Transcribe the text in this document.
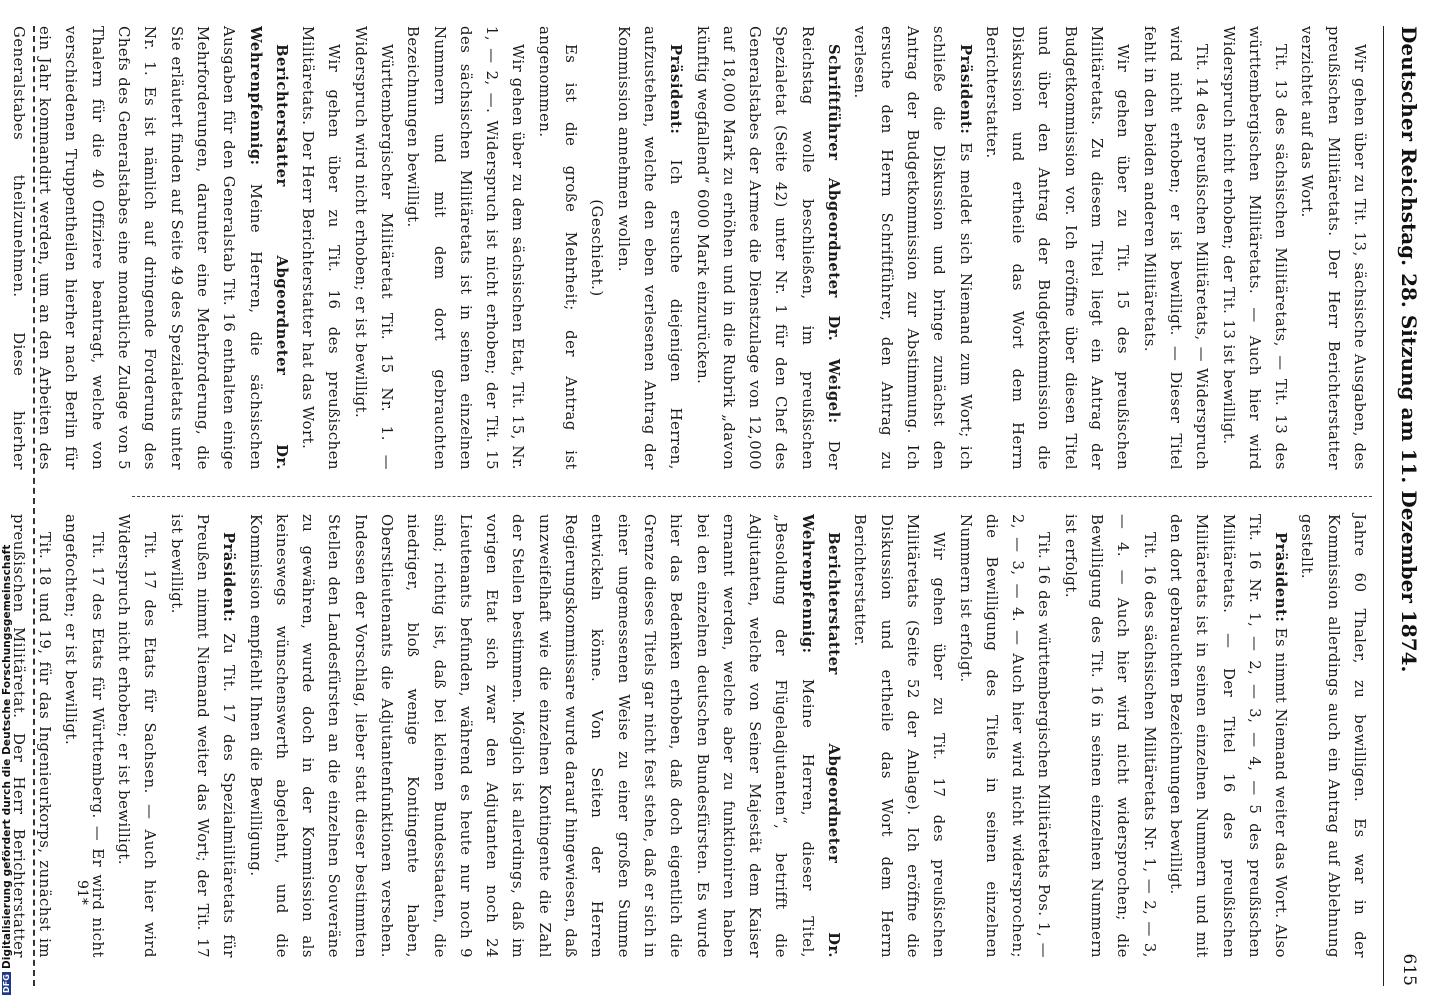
DFGDigitalisierung gefördert durch die Deutsche Forschungsgemeinschaft
Deutscher Reichstag. 28. Sitzung am 11. Dezember 1874.
615

Wir gehen über zu Tit. 13, sächsische Ausgaben, des preußischen Militäretats. Der Herr Berichterstatter verzichtet auf das Wort.

Tit. 13 des sächsischen Militäretats, — Tit. 13 des württembergischen Militäretats. — Auch hier wird Widerspruch nicht erhoben; der Tit. 13 ist bewilligt.

Tit. 14 des preußischen Militäretats, — Widerspruch wird nicht erhoben; er ist bewilligt. — Dieser Titel fehlt in den beiden anderen Militäretats.

Wir gehen über zu Tit. 15 des preußischen Militäretats. Zu diesem Titel liegt ein Antrag der Budgetkommission vor. Ich eröffne über diesen Titel und über den Antrag der Budgetkommission die Diskussion und ertheile das Wort dem Herrn Berichterstatter.

Präsident: Es meldet sich Niemand zum Wort; ich schließe die Diskussion und bringe zunächst den Antrag der Budgetkommission zur Abstimmung. Ich ersuche den Herrn Schriftführer, den Antrag zu verlesen.

Schriftführer Abgeordneter Dr. Weigel: Der Reichstag wolle beschließen, im preußischen Spezialetat (Seite 42) unter Nr. 1 für den Chef des Generalstabes der Armee die Dienstzulage von 12,000 auf 18,000 Mark zu erhöhen und in die Rubrik „davon künftig wegfallend“ 6000 Mark einzurücken.

Präsident: Ich ersuche diejenigen Herren, aufzustehen, welche den eben verlesenen Antrag der Kommission annehmen wollen.

(Geschieht.)

Es ist die große Mehrheit; der Antrag ist angenommen.

Wir gehen über zu dem sächsischen Etat, Tit. 15, Nr. 1, — 2, —. Widerspruch ist nicht erhoben; der Tit. 15 des sächsischen Militäretats ist in seinen einzelnen Nummern und mit dem dort gebrauchten Bezeichnungen bewilligt.

Württembergischer Militäretat Tit. 15 Nr. 1. — Widerspruch wird nicht erhoben; er ist bewilligt.

Wir gehen über zu Tit. 16 des preußischen Militäretats. Der Herr Berichterstatter hat das Wort.

Berichterstatter Abgeordneter Dr. Wehrenpfennig: Meine Herren, die sächsischen Ausgaben für den Generalstab Tit. 16 enthalten einige Mehrforderungen, darunter eine Mehrforderung, die Sie erläutert finden auf Seite 49 des Spezialetats unter Nr. 1. Es ist nämlich auf dringende Forderung des Chefs des Generalstabes eine monatliche Zulage von 5 Thalern für die 40 Offiziere beantragt, welche von verschiedenen Truppentheilen hierher nach Berlin für ein Jahr kommandirt werden, um an den Arbeiten des Generalstabes theilzunehmen. Diese hierher

Jahre 60 Thaler, zu bewilligen. Es war in der Kommission allerdings auch ein Antrag auf Ablehnung gestellt.

Präsident: Es nimmt Niemand weiter das Wort. Also Tit. 16 Nr. 1, — 2, — 3, — 4, — 5 des preußischen Militäretats. — Der Titel 16 des preußischen Militäretats ist in seinen einzelnen Nummern und mit den dort gebrauchten Bezeichnungen bewilligt.

Tit. 16 des sächsischen Militäretats Nr. 1, — 2, — 3, — 4. — Auch hier wird nicht widersprochen; die Bewilligung des Tit. 16 in seinen einzelnen Nummern ist erfolgt.

Tit. 16 des württembergischen Militäretats Pos. 1, — 2, — 3, — 4. — Auch hier wird nicht widersprochen; die Bewilligung des Titels in seinen einzelnen Nummern ist erfolgt.

Wir gehen über zu Tit. 17 des preußischen Militäretats (Seite 52 der Anlage). Ich eröffne die Diskussion und ertheile das Wort dem Herrn Berichterstatter.

Berichterstatter Abgeordneter Dr. Wehrenpfennig: Meine Herren, dieser Titel, „Besoldung der Flügeladjutanten“, betrifft die Adjutanten, welche von Seiner Majestät dem Kaiser ernannt werden, welche aber zu funktioniren haben bei den einzelnen deutschen Bundesfürsten. Es wurde hier das Bedenken erhoben, daß doch eigentlich die Grenze dieses Titels gar nicht fest stehe, daß er sich in einer ungemessenen Weise zu einer großen Summe entwickeln könne. Von Seiten der Herren Regierungskommissare wurde darauf hingewiesen, daß unzweifelhaft wie die einzelnen Kontingente die Zahl der Stellen bestimmen. Möglich ist allerdings, daß im vorigen Etat sich zwar den Adjutanten noch 24 Lieutenants befunden, während es heute nur noch 9 sind; richtig ist, daß bei kleinen Bundesstaaten, die niedriger, bloß wenige Kontingente haben, Oberstlieutenants die Adjutantenfunktionen versehen. Indessen der Vorschlag, lieber statt dieser bestimmten Stellen den Landesfürsten an die einzelnen Souveräne zu gewähren, wurde doch in der Kommission als keineswegs wünschenswerth abgelehnt, und die Kommission empfiehlt Ihnen die Bewilligung.

Präsident: Zu Tit. 17 des Spezialmilitäretats für Preußen nimmt Niemand weiter das Wort; der Tit. 17 ist bewilligt.

Tit. 17 des Etats für Sachsen. — Auch hier wird Widerspruch nicht erhoben; er ist bewilligt.

Tit. 17 des Etats für Württemberg. — Er wird nicht angefochten; er ist bewilligt.

Tit. 18 und 19, für das Ingenieurkorps, zunächst im preußischen Militäretat. Der Herr Berichterstatter	91*
